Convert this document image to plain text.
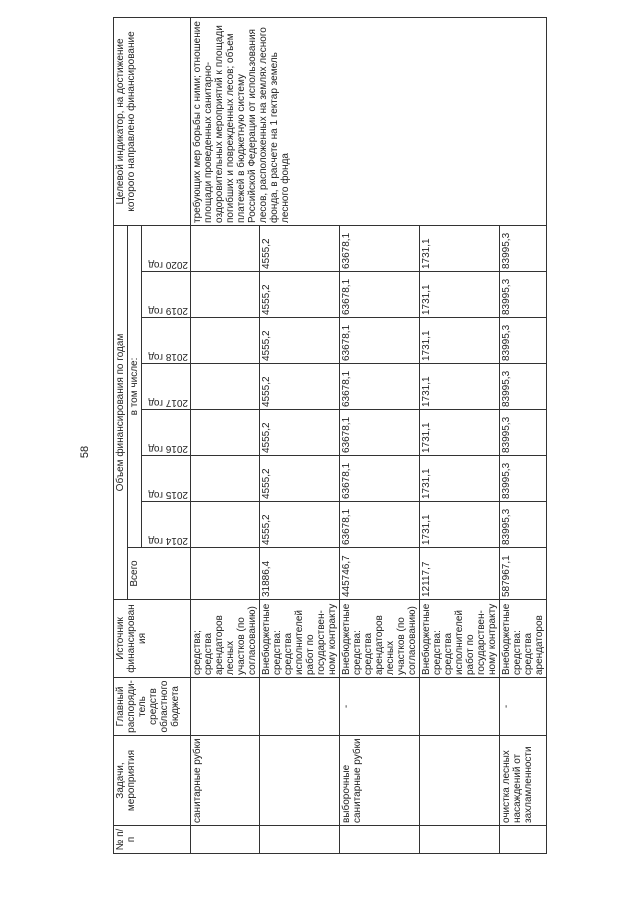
58
№ п/п	Задачи, мероприятия	Главный распоряди-тель средств областного бюджета	Источник финансирования	Объем финансирования по годам								Целевой индикатор, на достижение которого направлено финансирование
				Всего	в том числе:							

					2014 год	2015 год	2016 год	2017 год	2018 год	2019 год	2020 год	

	санитарные рубки		средства; средства арендаторов лесных участков (по согласованию)									требующих мер борьбы с ними; отношение площади проведенных санитарно-оздоровительных мероприятий к площади погибших и поврежденных лесов; объем платежей в бюджетную систему Российской Федерации от использования лесов, расположенных на землях лесного фонда, в расчете на 1 гектар земель лесного фонда
			Внебюджетные средства: средства исполнителей работ по государствен-ному контракту	31886,4	4555,2	4555,2	4555,2	4555,2	4555,2	4555,2	4555,2	
	выборочные санитарные рубки	-	Внебюджетные средства: средства арендаторов лесных участков (по согласованию)	445746,7	63678,1	63678,1	63678,1	63678,1	63678,1	63678,1	63678,1	
			Внебюджетные средства: средства исполнителей работ по государствен-ному контракту	12117,7	1731,1	1731,1	1731,1	1731,1	1731,1	1731,1	1731,1	
	очистка лесных насаждений от захламленности	-	Внебюджетные средства: средства арендаторов	587967,1	83995,3	83995,3	83995,3	83995,3	83995,3	83995,3	83995,3	
